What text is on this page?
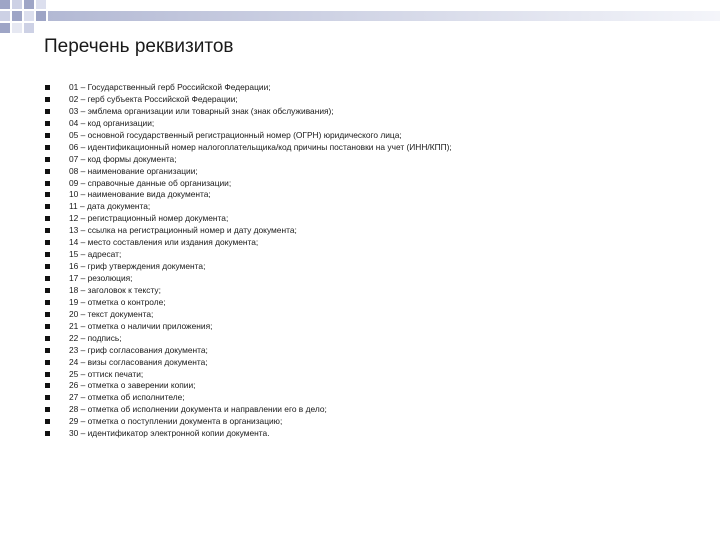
Перечень реквизитов
01 – Государственный герб Российской Федерации;
02 – герб субъекта Российской Федерации;
03 – эмблема организации или товарный знак (знак обслуживания);
04 – код организации;
05 – основной государственный регистрационный номер (ОГРН) юридического лица;
06 – идентификационный номер налогоплательщика/код причины постановки на учет (ИНН/КПП);
07 – код формы документа;
08 – наименование организации;
09 – справочные данные об организации;
10 – наименование вида документа;
11 – дата документа;
12 – регистрационный номер документа;
13 – ссылка на регистрационный номер и дату документа;
14 – место составления или издания документа;
15 – адресат;
16 – гриф утверждения документа;
17 – резолюция;
18 – заголовок к тексту;
19 – отметка о контроле;
20 – текст документа;
21 – отметка о наличии приложения;
22 – подпись;
23 – гриф согласования документа;
24 – визы согласования документа;
25 – оттиск печати;
26 – отметка о заверении копии;
27 – отметка об исполнителе;
28 – отметка об исполнении документа и направлении его в дело;
29 – отметка о поступлении документа в организацию;
30 – идентификатор электронной копии документа.
